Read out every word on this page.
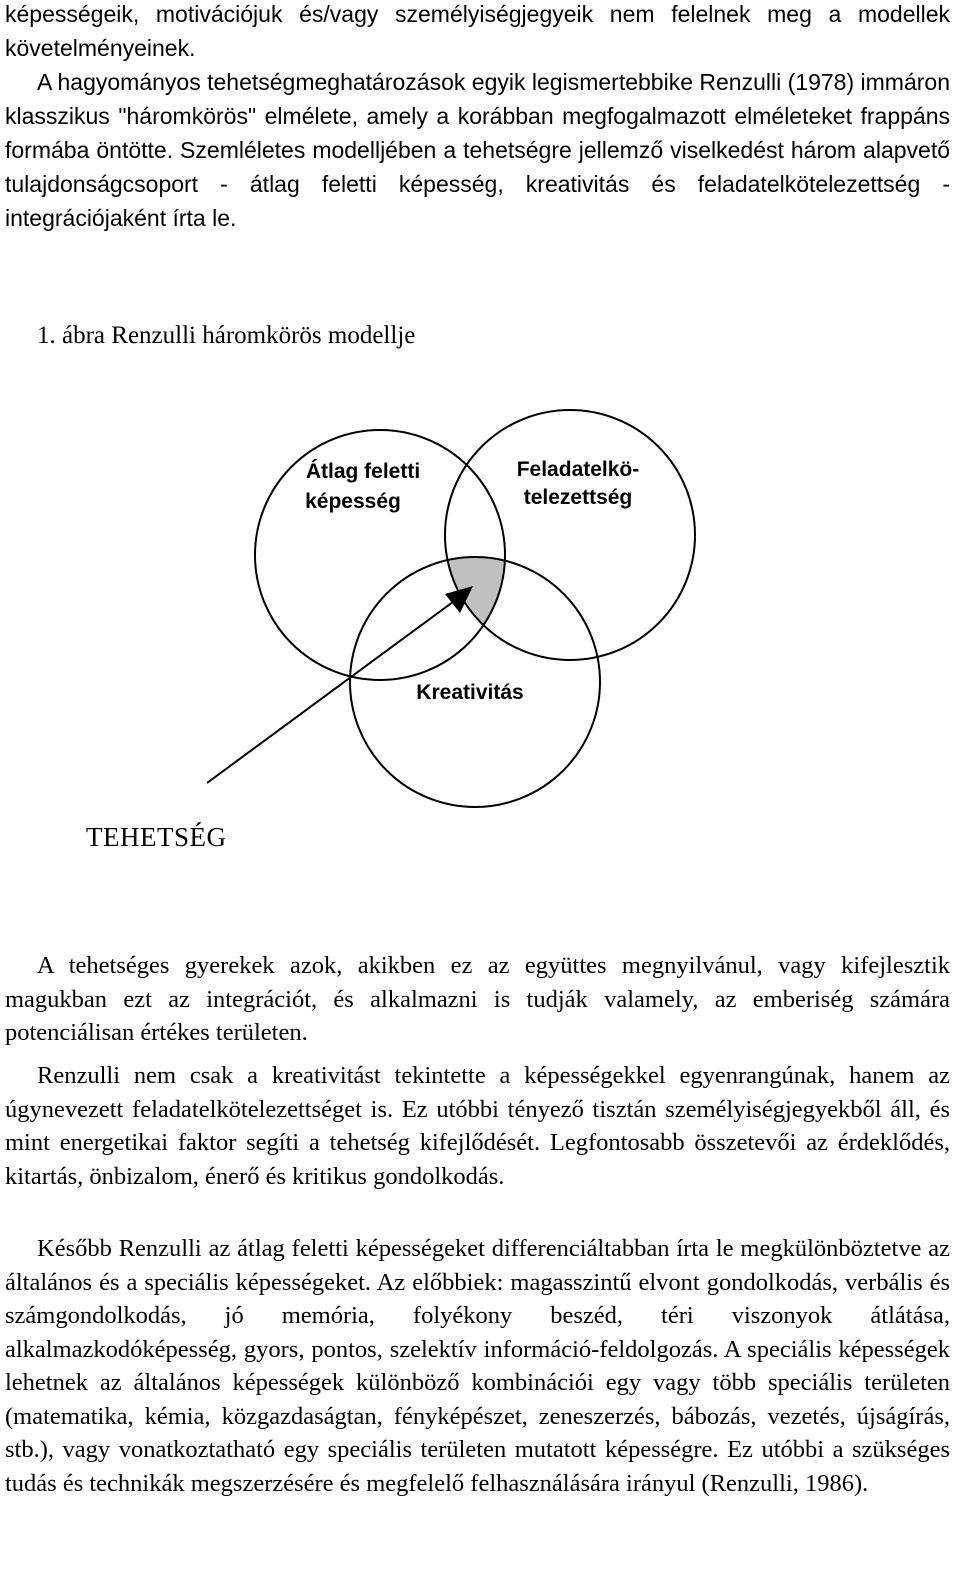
képességeik, motivációjuk és/vagy személyiségjegyeik nem felelnek meg a modellek követelményeinek.
A hagyományos tehetségmeghatározások egyik legismertebbike Renzulli (1978) immáron klasszikus "háromkörös" elmélete, amely a korábban megfogalmazott elméleteket frappáns formába öntötte. Szemléletes modelljében a tehetségre jellemző viselkedést három alapvető tulajdonságcsoport - átlag feletti képesség, kreativitás és feladatelkötelezettség - integrációjaként írta le.

1. ábra Renzulli háromkörös modellje

Átlag feletti
képesség
Feladatelkö-
telezettség
Kreativitás
TEHETSÉG

A tehetséges gyerekek azok, akikben ez az együttes megnyilvánul, vagy kifejlesztik magukban ezt az integrációt, és alkalmazni is tudják valamely, az emberiség számára potenciálisan értékes területen.

Renzulli nem csak a kreativitást tekintette a képességekkel egyenrangúnak, hanem az úgynevezett feladatelkötelezettséget is. Ez utóbbi tényező tisztán személyiségjegyekből áll, és mint energetikai faktor segíti a tehetség kifejlődését. Legfontosabb összetevői az érdeklődés, kitartás, önbizalom, énerő és kritikus gondolkodás.

Később Renzulli az átlag feletti képességeket differenciáltabban írta le megkülönböztetve az általános és a speciális képességeket. Az előbbiek: magasszintű elvont gondolkodás, verbális és számgondolkodás, jó memória, folyékony beszéd, téri viszonyok átlátása, alkalmazkodóképesség, gyors, pontos, szelektív információ-feldolgozás. A speciális képességek lehetnek az általános képességek különböző kombinációi egy vagy több speciális területen (matematika, kémia, közgazdaságtan, fényképészet, zeneszerzés, bábozás, vezetés, újságírás, stb.), vagy vonatkoztatható egy speciális területen mutatott képességre. Ez utóbbi a szükséges tudás és technikák megszerzésére és megfelelő felhasználására irányul (Renzulli, 1986).
